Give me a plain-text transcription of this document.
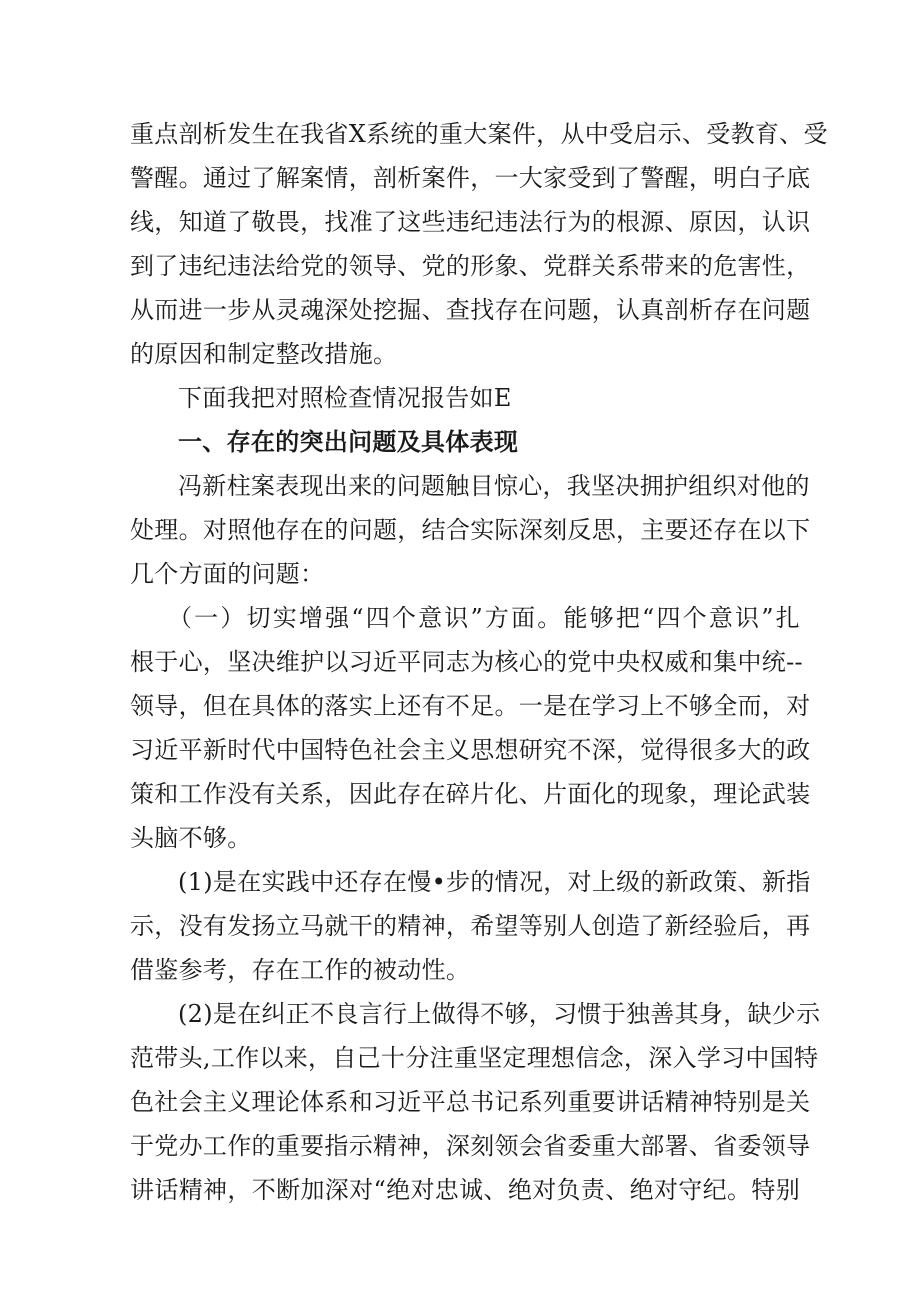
重点剖析发生在我省X系统的重大案件，从中受启示、受教育、受
警醒。通过了解案情，剖析案件，一大家受到了警醒，明白子底
线，知道了敬畏，找准了这些违纪违法行为的根源、原因，认识
到了违纪违法给党的领导、党的形象、党群关系带来的危害性，
从而进一步从灵魂深处挖掘、查找存在问题，认真剖析存在问题
的原因和制定整改措施。
下面我把对照检查情况报告如E
一、存在的突出问题及具体表现
冯新柱案表现出来的问题触目惊心，我坚决拥护组织对他的
处理。对照他存在的问题，结合实际深刻反思，主要还存在以下
几个方面的问题：
（一）切实增强“四个意识”方面。能够把“四个意识”扎
根于心，坚决维护以习近平同志为核心的党中央权威和集中统--
领导，但在具体的落实上还有不足。一是在学习上不够全而，对
习近平新时代中国特色社会主义思想研究不深，觉得很多大的政
策和工作没有关系，因此存在碎片化、片面化的现象，理论武装
头脑不够。
(1)是在实践中还存在慢•步的情况，对上级的新政策、新指
示，没有发扬立马就干的精神，希望等别人创造了新经验后，再
借鉴参考，存在工作的被动性。
(2)是在纠正不良言行上做得不够，习惯于独善其身，缺少示
范带头,工作以来，自己十分注重坚定理想信念，深入学习中国特
色社会主义理论体系和习近平总书记系列重要讲话精神特别是关
于党办工作的重要指示精神，深刻领会省委重大部署、省委领导
讲话精神，不断加深对“绝对忠诚、绝对负责、绝对守纪。特别
